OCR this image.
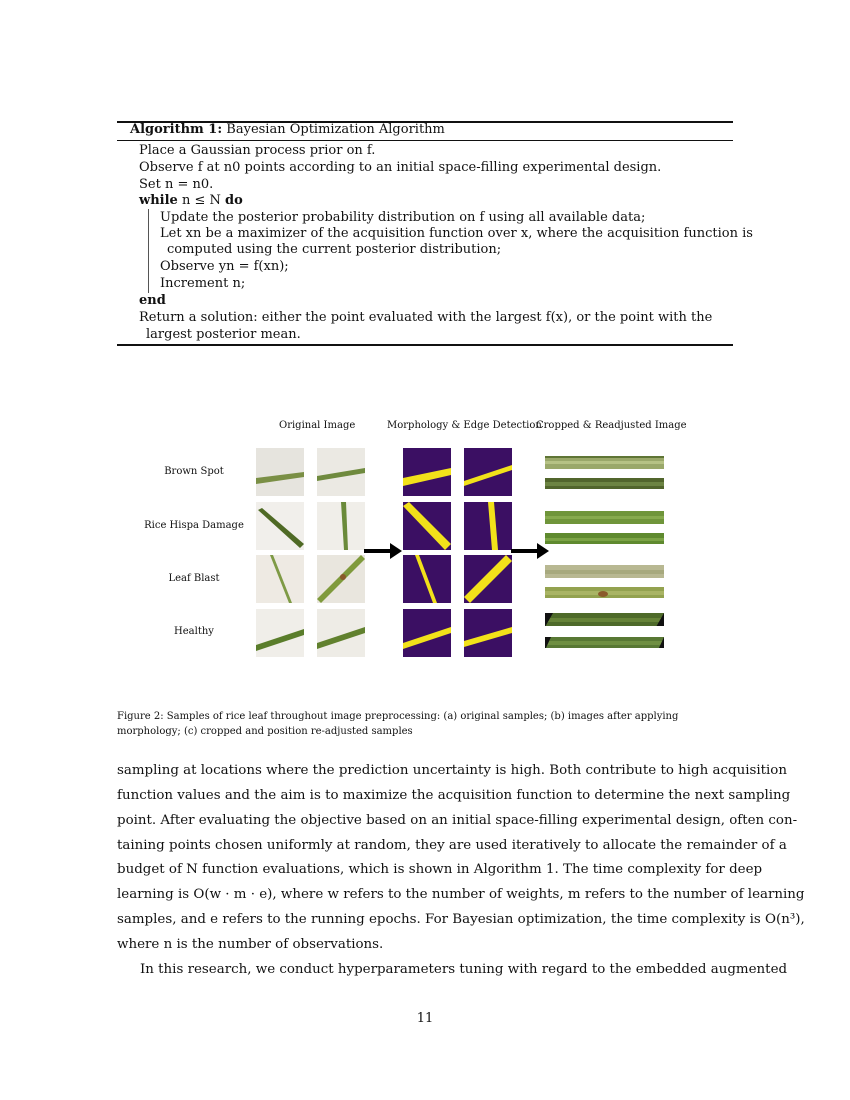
Algorithm 1: Bayesian Optimization Algorithm
Place a Gaussian process prior on f.
Observe f at n0 points according to an initial space-filling experimental design.
Set n = n0.
while n ≤ N do
Update the posterior probability distribution on f using all available data;
Let xn be a maximizer of the acquisition function over x, where the acquisition function is
computed using the current posterior distribution;
Observe yn = f(xn);
Increment n;
end
Return a solution: either the point evaluated with the largest f(x), or the point with the
largest posterior mean.
Original Image	Morphology & Edge Detection
Cropped & Readjusted Image
Brown Spot
Rice Hispa Damage
Leaf Blast
Healthy
Figure 2: Samples of rice leaf throughout image preprocessing: (a) original samples; (b) images after applying morphology; (c) cropped and position re-adjusted samples
sampling at locations where the prediction uncertainty is high. Both contribute to high acquisition
function values and the aim is to maximize the acquisition function to determine the next sampling
point. After evaluating the objective based on an initial space-filling experimental design, often con-
taining points chosen uniformly at random, they are used iteratively to allocate the remainder of a
budget of N function evaluations, which is shown in Algorithm 1. The time complexity for deep
learning is O(w · m · e), where w refers to the number of weights, m refers to the number of learning
samples, and e refers to the running epochs. For Bayesian optimization, the time complexity is O(n³),
where n is the number of observations.
In this research, we conduct hyperparameters tuning with regard to the embedded augmented
11
